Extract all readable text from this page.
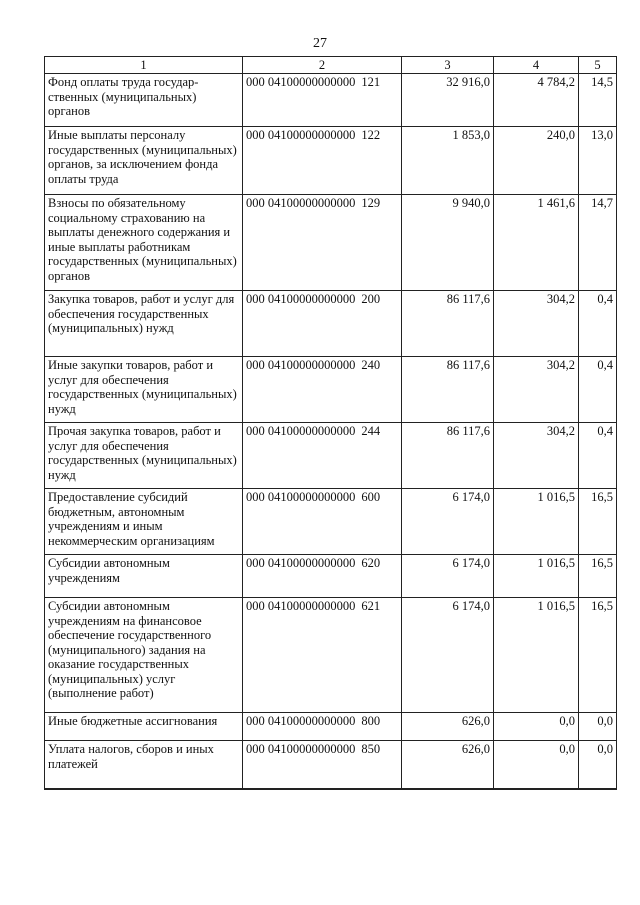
27
1	2	3	4	5
Фонд оплаты труда государ-ственных (муниципальных) органов	000 04100000000000 121	32 916,0	4 784,2	14,5
Иные выплаты персоналу государственных (муниципальных) органов, за исключением фонда оплаты труда	000 04100000000000 122	1 853,0	240,0	13,0
Взносы по обязательному социальному страхованию на выплаты денежного содержания и иные выплаты работникам государственных (муниципальных) органов	000 04100000000000 129	9 940,0	1 461,6	14,7
Закупка товаров, работ и услуг для обеспечения государственных (муниципальных) нужд	000 04100000000000 200	86 117,6	304,2	0,4
Иные закупки товаров, работ и услуг для обеспечения государственных (муниципальных) нужд	000 04100000000000 240	86 117,6	304,2	0,4
Прочая закупка товаров, работ и услуг для обеспечения государственных (муниципальных) нужд	000 04100000000000 244	86 117,6	304,2	0,4
Предоставление субсидий бюджетным, автономным учреждениям и иным некоммерческим организациям	000 04100000000000 600	6 174,0	1 016,5	16,5
Субсидии автономным учреждениям	000 04100000000000 620	6 174,0	1 016,5	16,5
Субсидии автономным учреждениям на финансовое обеспечение государственного (муниципального) задания на оказание государственных (муниципальных) услуг (выполнение работ)	000 04100000000000 621	6 174,0	1 016,5	16,5
Иные бюджетные ассигнования	000 04100000000000 800	626,0	0,0	0,0
Уплата налогов, сборов и иных платежей	000 04100000000000 850	626,0	0,0	0,0
